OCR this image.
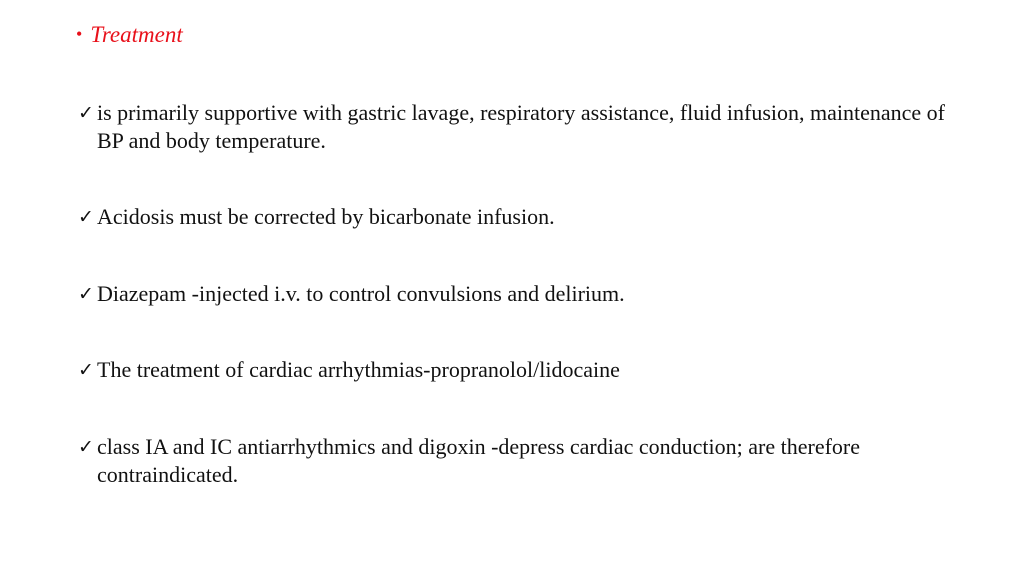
• Treatment
✓ is primarily supportive with gastric lavage, respiratory assistance, fluid infusion, maintenance of BP and body temperature.
✓ Acidosis must be corrected by bicarbonate infusion.
✓ Diazepam -injected i.v. to control convulsions and delirium.
✓ The treatment of cardiac arrhythmias-propranolol/lidocaine
✓ class IA and IC antiarrhythmics and digoxin -depress cardiac conduction; are therefore contraindicated.
